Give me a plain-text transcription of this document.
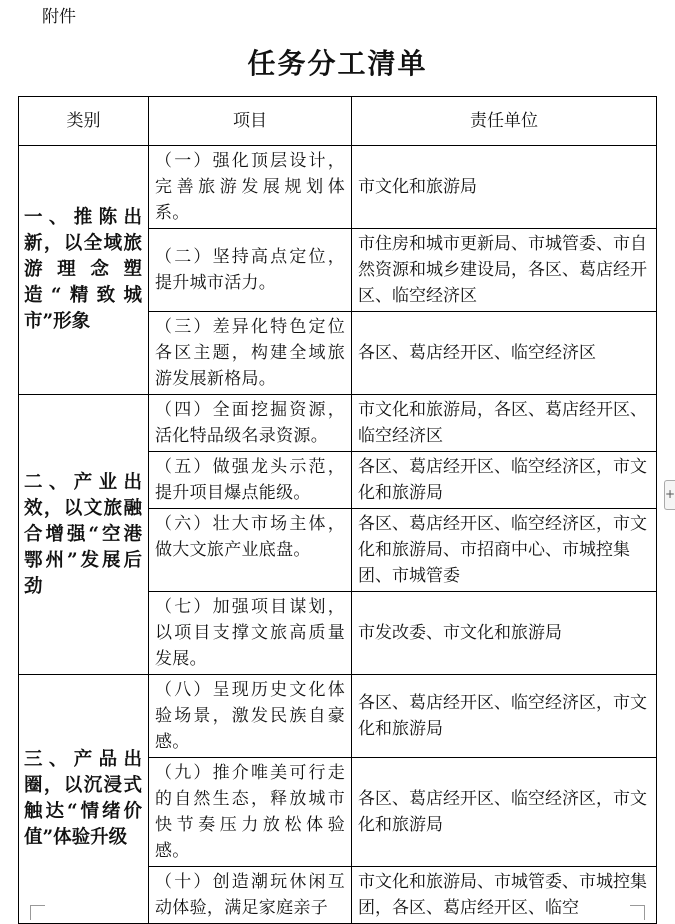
附件
任务分工清单
类别	项目	责任单位
一、推陈出新，以全域旅游理念塑造“精致城市”形象	（一）强化顶层设计，完善旅游发展规划体系。	市文化和旅游局
	（二）坚持高点定位，提升城市活力。	市住房和城市更新局、市城管委、市自然资源和城乡建设局，各区、葛店经开区、临空经济区
	（三）差异化特色定位各区主题，构建全域旅游发展新格局。	各区、葛店经开区、临空经济区
二、产业出效，以文旅融合增强“空港鄂州”发展后劲	（四）全面挖掘资源，活化特品级名录资源。	市文化和旅游局，各区、葛店经开区、临空经济区
	（五）做强龙头示范，提升项目爆点能级。	各区、葛店经开区、临空经济区，市文化和旅游局
	（六）壮大市场主体，做大文旅产业底盘。	各区、葛店经开区、临空经济区，市文化和旅游局、市招商中心、市城控集团、市城管委
	（七）加强项目谋划，以项目支撑文旅高质量发展。	市发改委、市文化和旅游局
三、产品出圈，以沉浸式触达“情绪价值”体验升级	（八）呈现历史文化体验场景，激发民族自豪感。	各区、葛店经开区、临空经济区，市文化和旅游局
	（九）推介唯美可行走的自然生态，释放城市快节奏压力放松体验感。	各区、葛店经开区、临空经济区，市文化和旅游局
	（十）创造潮玩休闲互动体验，满足家庭亲子	市文化和旅游局、市城管委、市城控集团，各区、葛店经开区、临空
+
